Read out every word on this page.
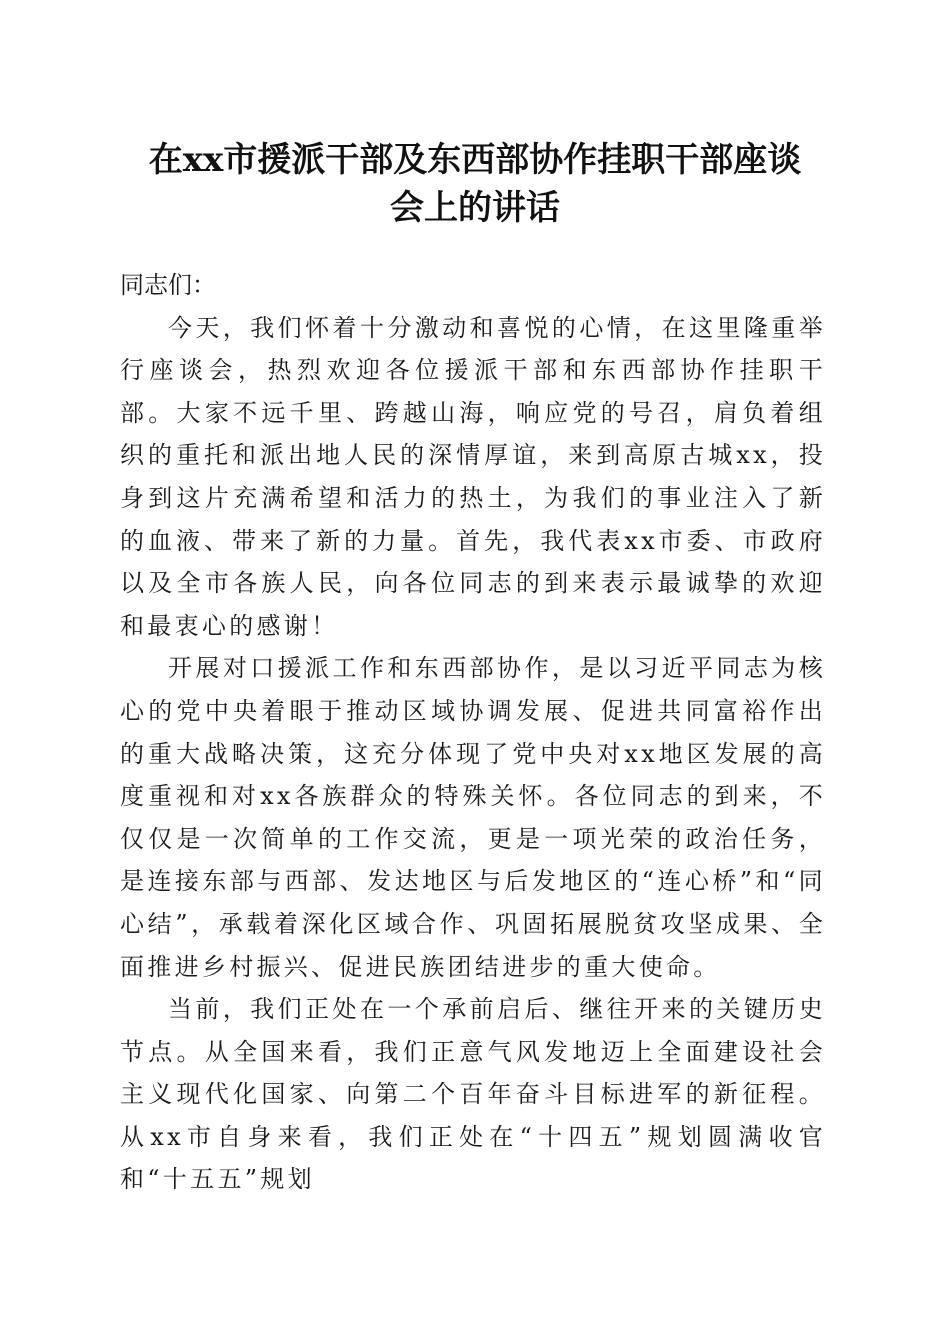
在xx市援派干部及东西部协作挂职干部座谈
会上的讲话

同志们：

今天，我们怀着十分激动和喜悦的心情，在这里隆重举行座谈会，热烈欢迎各位援派干部和东西部协作挂职干部。大家不远千里、跨越山海，响应党的号召，肩负着组织的重托和派出地人民的深情厚谊，来到高原古城xx，投身到这片充满希望和活力的热土，为我们的事业注入了新的血液、带来了新的力量。首先，我代表xx市委、市政府以及全市各族人民，向各位同志的到来表示最诚挚的欢迎和最衷心的感谢！

开展对口援派工作和东西部协作，是以习近平同志为核心的党中央着眼于推动区域协调发展、促进共同富裕作出的重大战略决策，这充分体现了党中央对xx地区发展的高度重视和对xx各族群众的特殊关怀。各位同志的到来，不仅仅是一次简单的工作交流，更是一项光荣的政治任务，是连接东部与西部、发达地区与后发地区的“连心桥”和“同心结”，承载着深化区域合作、巩固拓展脱贫攻坚成果、全面推进乡村振兴、促进民族团结进步的重大使命。

当前，我们正处在一个承前启后、继往开来的关键历史节点。从全国来看，我们正意气风发地迈上全面建设社会主义现代化国家、向第二个百年奋斗目标进军的新征程。从xx市自身来看，我们正处在“十四五”规划圆满收官和“十五五”规划
